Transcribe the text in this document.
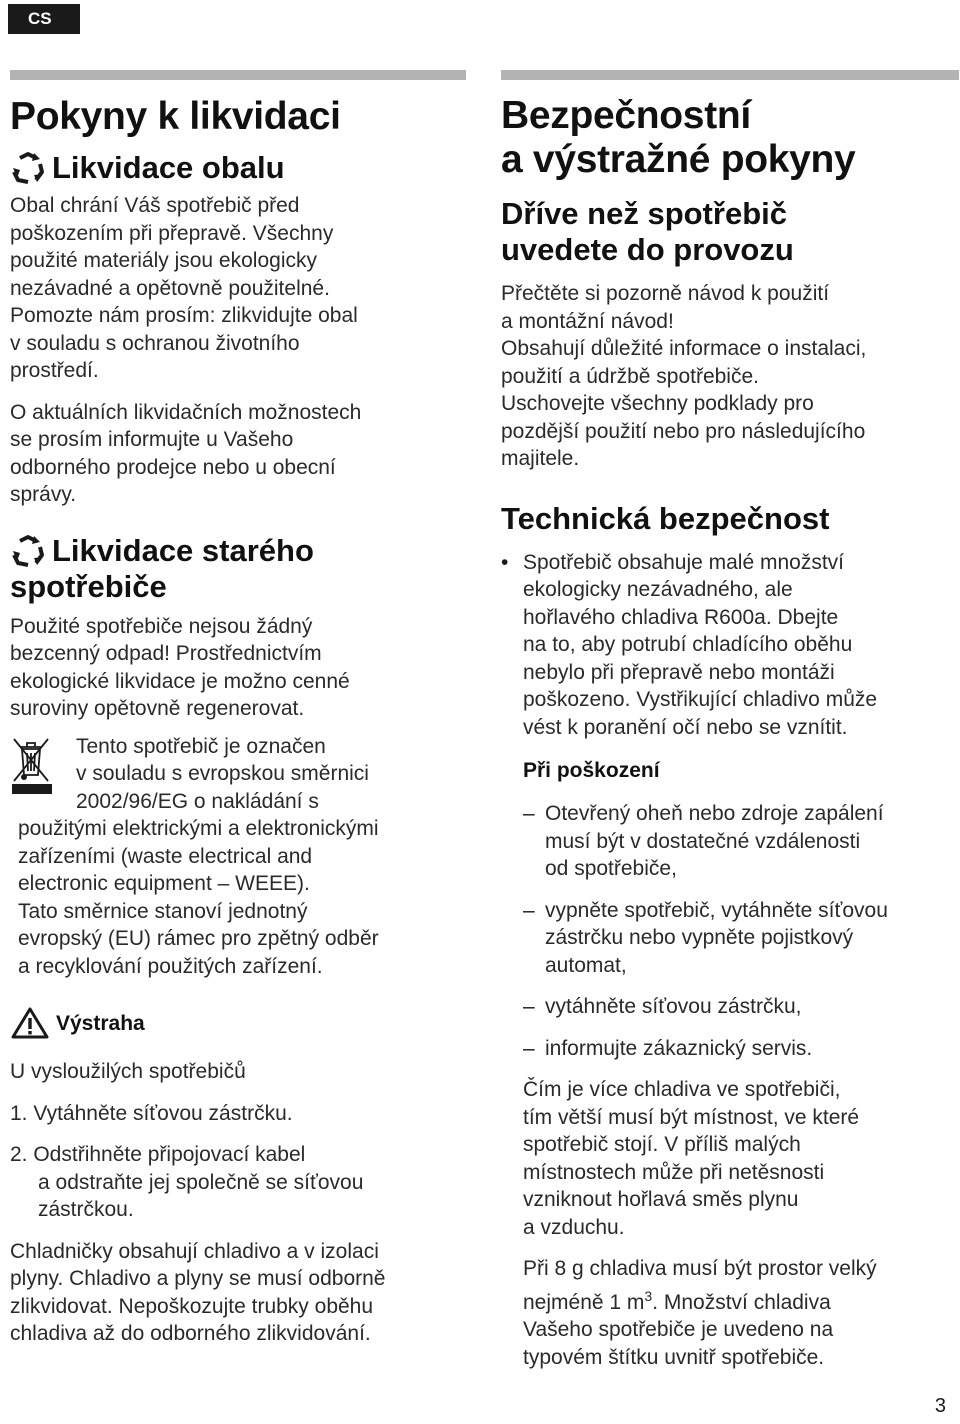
CS
Pokyny k likvidaci
Likvidace obalu

Obal chrání Váš spotřebič před

poškozením při přepravě. Všechny

použité materiály jsou ekologicky

nezávadné a opětovně použitelné.

Pomozte nám prosím: zlikvidujte obal

v souladu s ochranou životního

prostředí.

O aktuálních likvidačních možnostech

se prosím informujte u Vašeho

odborného prodejce nebo u obecní

správy.

Likvidace starého
spotřebiče

Použité spotřebiče nejsou žádný

bezcenný odpad! Prostřednictvím

ekologické likvidace je možno cenné

suroviny opětovně regenerovat.

Tento spotřebič je označen

v souladu s evropskou směrnici

2002/96/EG o nakládání s

použitými elektrickými a elektronickými

zařízeními (waste electrical and

electronic equipment – WEEE).

Tato směrnice stanoví jednotný

evropský (EU) rámec pro zpětný odběr

a recyklování použitých zařízení.

Výstraha

U vysloužilých spotřebičů

1. Vytáhněte síťovou zástrčku.

2. Odstřihněte připojovací kabel

a odstraňte jej společně se síťovou

zástrčkou.

Chladničky obsahují chladivo a v izolaci

plyny. Chladivo a plyny se musí odborně

zlikvidovat. Nepoškozujte trubky oběhu

chladiva až do odborného zlikvidování.

Bezpečnostní
a výstražné pokyny
Dříve než spotřebič
uvedete do provozu

Přečtěte si pozorně návod k použití

a montážní návod!

Obsahují důležité informace o instalaci,

použití a údržbě spotřebiče.

Uschovejte všechny podklady pro

pozdější použití nebo pro následujícího

majitele.

Technická bezpečnost
• Spotřebič obsahuje malé množství

ekologicky nezávadného, ale

hořlavého chladiva R600a. Dbejte

na to, aby potrubí chladícího oběhu

nebylo při přepravě nebo montáži

poškozeno. Vystřikující chladivo může

vést k poranění očí nebo se vznítit.

Při poškození
– Otevřený oheň nebo zdroje zapálení

musí být v dostatečné vzdálenosti

od spotřebiče,

– vypněte spotřebič, vytáhněte síťovou

zástrčku nebo vypněte pojistkový

automat,

– vytáhněte síťovou zástrčku,

– informujte zákaznický servis.

Čím je více chladiva ve spotřebiči,

tím větší musí být místnost, ve které

spotřebič stojí. V příliš malých

místnostech může při netěsnosti

vzniknout hořlavá směs plynu

a vzduchu.

Při 8 g chladiva musí být prostor velký

nejméně 1 $m^3$. Množství chladiva

Vašeho spotřebiče je uvedeno na

typovém štítku uvnitř spotřebiče.

3
